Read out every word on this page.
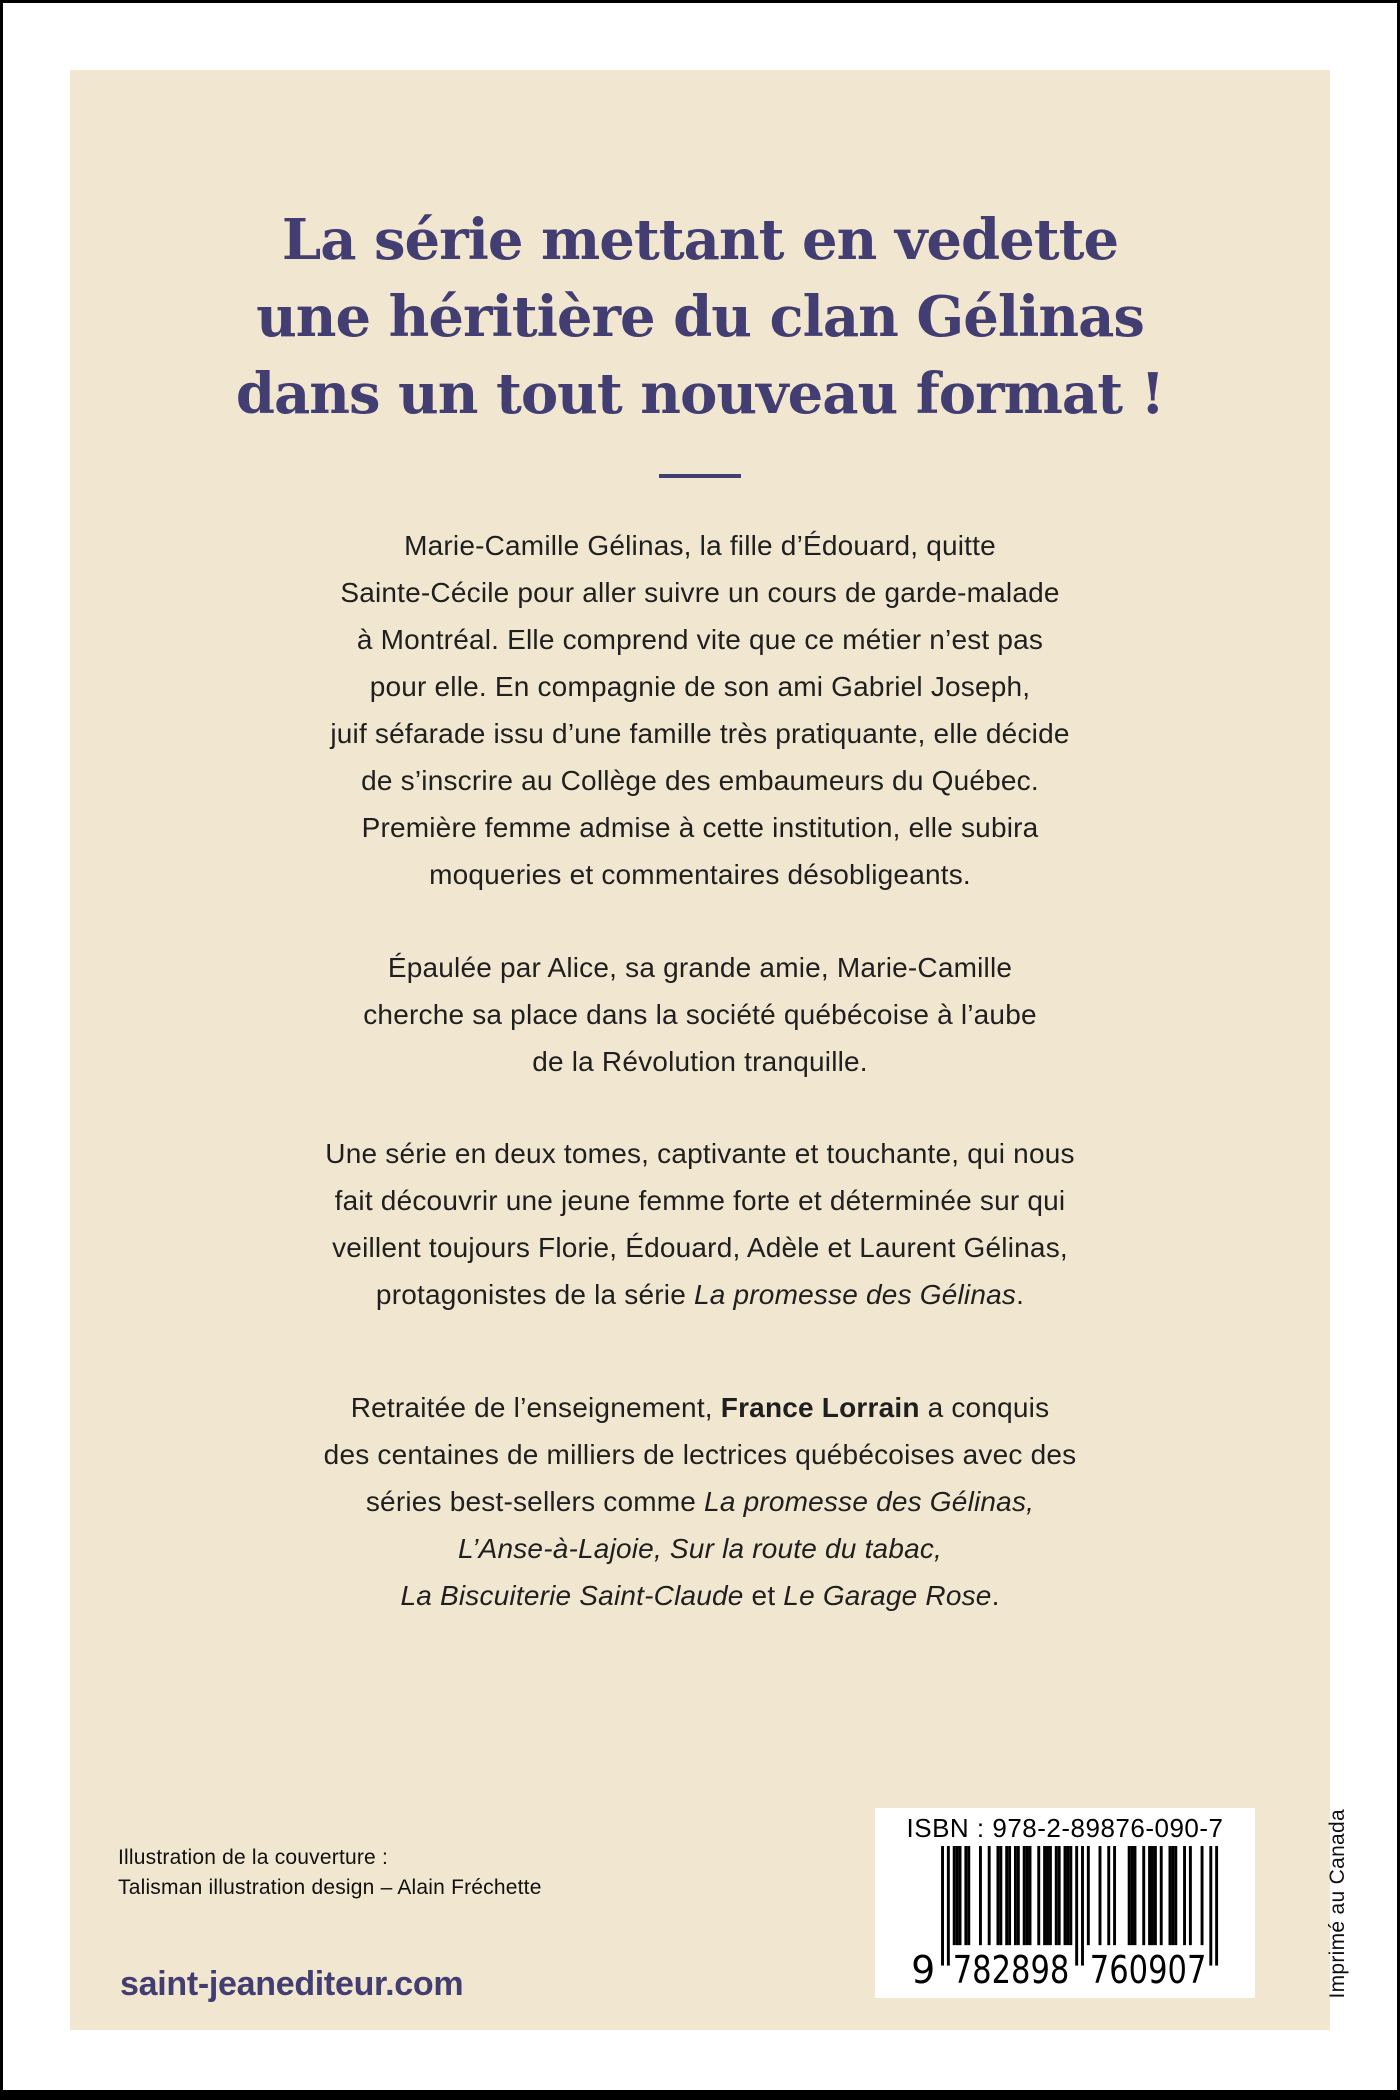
La série mettant en vedette
une héritière du clan Gélinas
dans un tout nouveau format !
Marie-Camille Gélinas, la fille d’Édouard, quitte
Sainte-Cécile pour aller suivre un cours de garde-malade
à Montréal. Elle comprend vite que ce métier n’est pas
pour elle. En compagnie de son ami Gabriel Joseph,
juif séfarade issu d’une famille très pratiquante, elle décide
de s’inscrire au Collège des embaumeurs du Québec.
Première femme admise à cette institution, elle subira
moqueries et commentaires désobligeants.
Épaulée par Alice, sa grande amie, Marie-Camille
cherche sa place dans la société québécoise à l’aube
de la Révolution tranquille.
Une série en deux tomes, captivante et touchante, qui nous
fait découvrir une jeune femme forte et déterminée sur qui
veillent toujours Florie, Édouard, Adèle et Laurent Gélinas,
protagonistes de la série La promesse des Gélinas.
Retraitée de l’enseignement, France Lorrain a conquis
des centaines de milliers de lectrices québécoises avec des
séries best-sellers comme La promesse des Gélinas,
L’Anse-à-Lajoie, Sur la route du tabac,
La Biscuiterie Saint-Claude et Le Garage Rose.
Illustration de la couverture :
Talisman illustration design – Alain Fréchette
saint-jeanediteur.com
ISBN : 978-2-89876-090-7
9 782898 760907	Imprimé au Canada
